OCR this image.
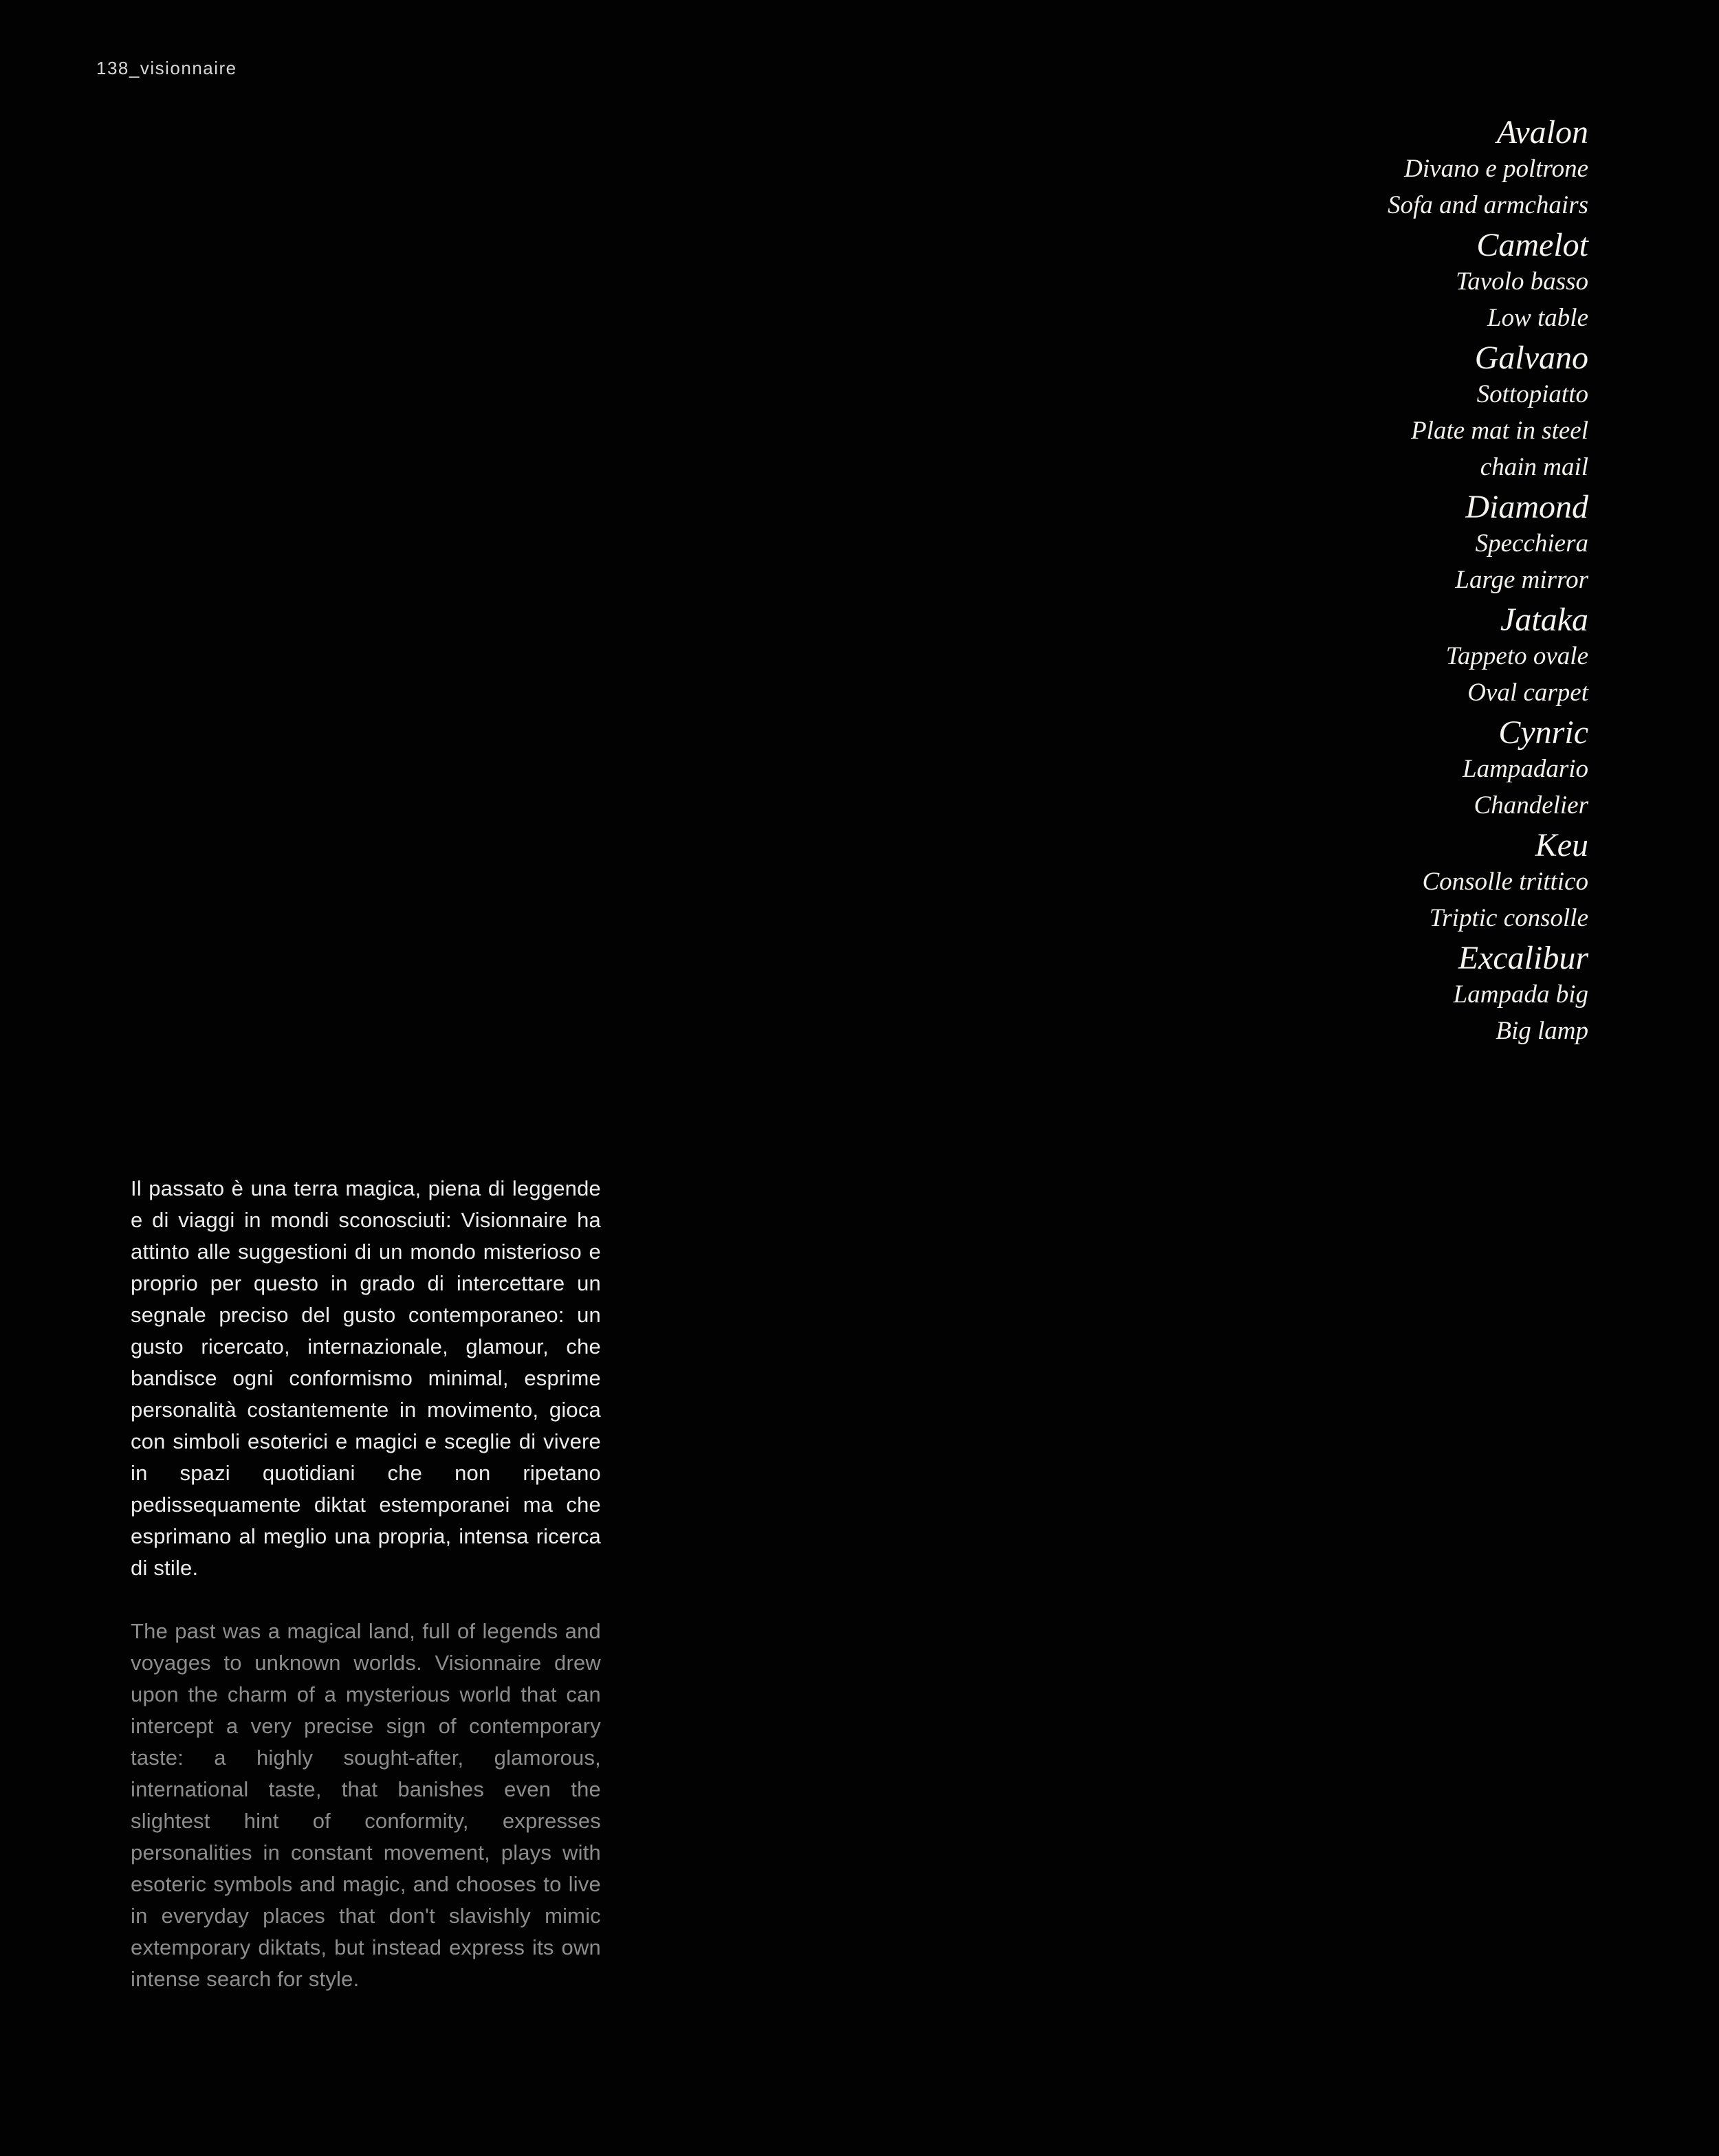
138_visionnaire
Avalon
Divano e poltrone
Sofa and armchairs
Camelot
Tavolo basso
Low table
Galvano
Sottopiatto
Plate mat in steel
chain mail
Diamond
Specchiera
Large mirror
Jataka
Tappeto ovale
Oval carpet
Cynric
Lampadario
Chandelier
Keu
Consolle trittico
Triptic consolle
Excalibur
Lampada big
Big lamp

Il passato è una terra magica, piena di leggende e di viaggi in mondi sconosciuti: Visionnaire ha attinto alle suggestioni di un mondo misterioso e proprio per questo in grado di intercettare un segnale preciso del gusto contemporaneo: un gusto ricercato, internazionale, glamour, che bandisce ogni conformismo minimal, esprime personalità costantemente in movimento, gioca con simboli esoterici e magici e sceglie di vivere in spazi quotidiani che non ripetano pedissequamente diktat estemporanei ma che esprimano al meglio una propria, intensa ricerca di stile.

The past was a magical land, full of legends and voyages to unknown worlds. Visionnaire drew upon the charm of a mysterious world that can intercept a very precise sign of contemporary taste: a highly sought-after, glamorous, international taste, that banishes even the slightest hint of conformity, expresses personalities in constant movement, plays with esoteric symbols and magic, and chooses to live in everyday places that don't slavishly mimic extemporary diktats, but instead express its own intense search for style.
